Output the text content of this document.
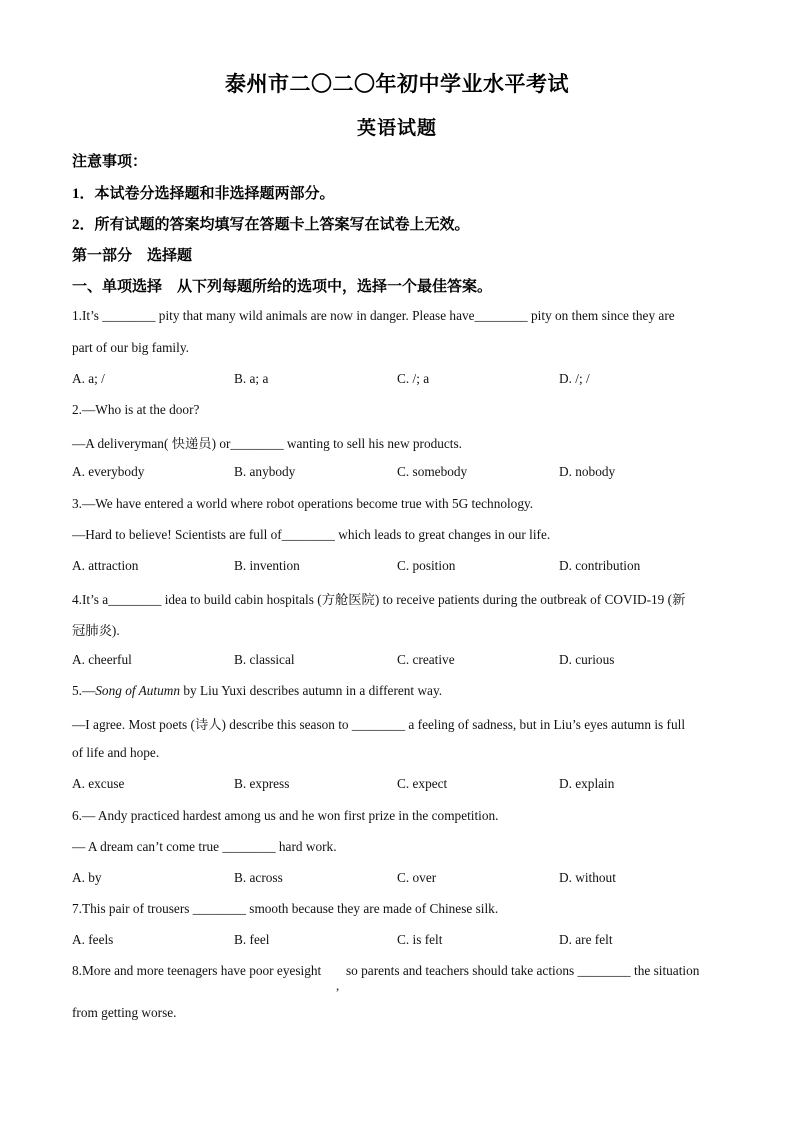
泰州市二〇二〇年初中学业水平考试
英语试题
注意事项：
1．本试卷分选择题和非选择题两部分。
2．所有试题的答案均填写在答题卡上答案写在试卷上无效。
第一部分　选择题
一、单项选择　从下列每题所给的选项中，选择一个最佳答案。
1.It’s ________ pity that many wild animals are now in danger. Please have________ pity on them since they are
part of our big family.
A. a; /	B. a; a	C. /; a	D. /; /
2.—Who is at the door?
—A deliveryman( 快递员) or________ wanting to sell his new products.
A. everybody	B. anybody	C. somebody	D. nobody
3.—We have entered a world where robot operations become true with 5G technology.
—Hard to believe! Scientists are full of________ which leads to great changes in our life.
A. attraction	B. invention	C. position	D. contribution
4.It’s a________ idea to build cabin hospitals (方舱医院) to receive patients during the outbreak of COVID-19 (新
冠肺炎).
A. cheerful	B. classical	C. creative	D. curious
5.—Song of Autumn by Liu Yuxi describes autumn in a different way.
—I agree. Most poets (诗人) describe this season to ________ a feeling of sadness, but in Liu’s eyes autumn is full
of life and hope.
A. excuse	B. express	C. expect	D. explain
6.— Andy practiced hardest among us and he won first prize in the competition.
— A dream can’t come true ________ hard work.
A. by	B. across	C. over	D. without
7.This pair of trousers ________ smooth because they are made of Chinese silk.
A. feels	B. feel	C. is felt	D. are felt
8.More and more teenagers have poor eyesight
,
so parents and teachers should take actions ________ the situation
from getting worse.
